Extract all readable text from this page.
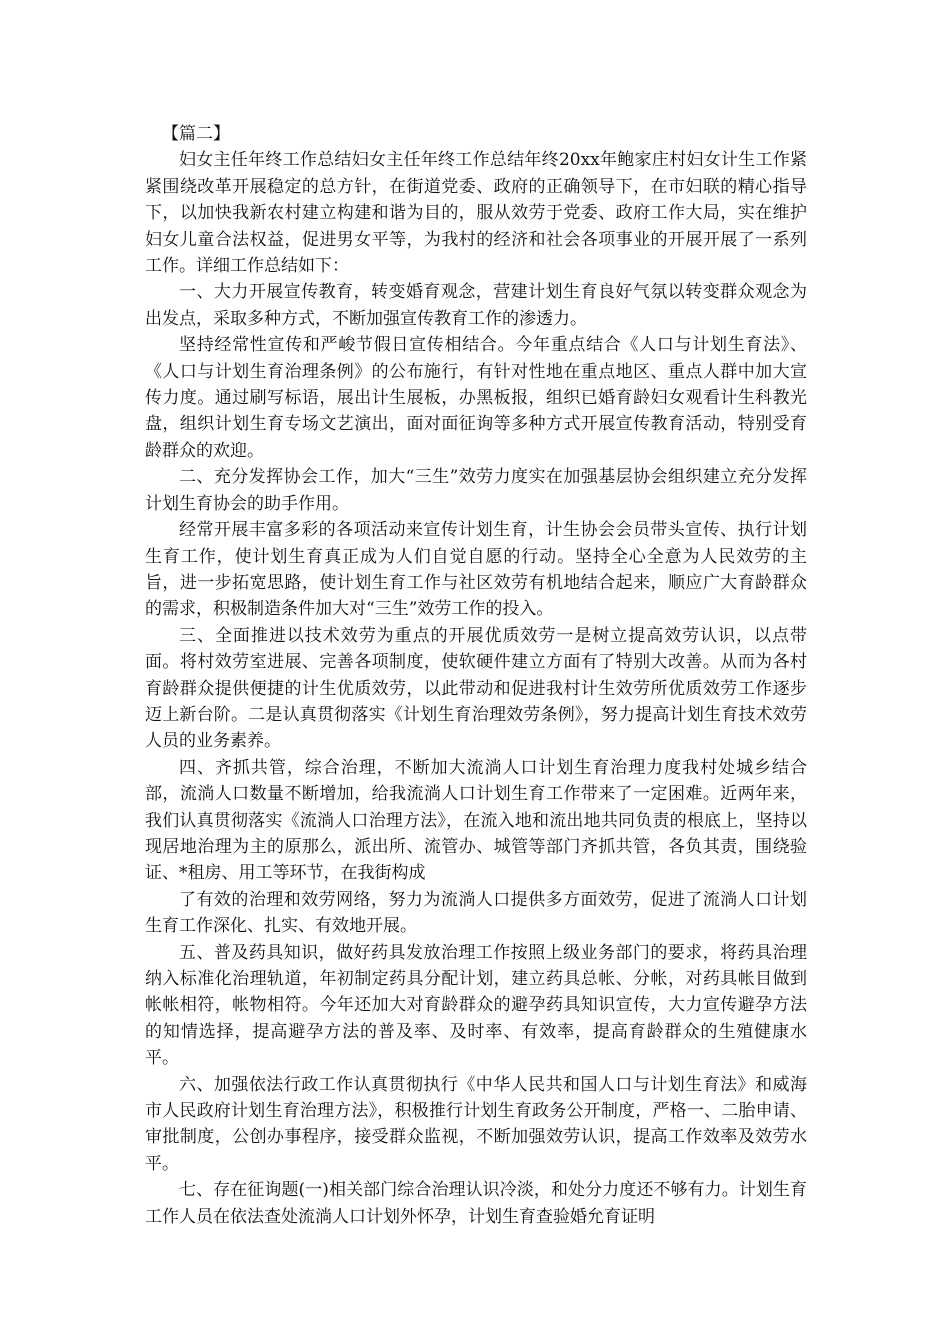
【篇二】

妇女主任年终工作总结妇女主任年终工作总结年终20xx年鲍家庄村妇女计生工作紧紧围绕改革开展稳定的总方针，在街道党委、政府的正确领导下，在市妇联的精心指导下，以加快我新农村建立构建和谐为目的，服从效劳于党委、政府工作大局，实在维护妇女儿童合法权益，促进男女平等，为我村的经济和社会各项事业的开展开展了一系列工作。详细工作总结如下：

一、大力开展宣传教育，转变婚育观念，营建计划生育良好气氛以转变群众观念为出发点，采取多种方式，不断加强宣传教育工作的渗透力。

坚持经常性宣传和严峻节假日宣传相结合。今年重点结合《人口与计划生育法》、《人口与计划生育治理条例》的公布施行，有针对性地在重点地区、重点人群中加大宣传力度。通过刷写标语，展出计生展板，办黑板报，组织已婚育龄妇女观看计生科教光盘，组织计划生育专场文艺演出，面对面征询等多种方式开展宣传教育活动，特别受育龄群众的欢迎。

二、充分发挥协会工作，加大“三生”效劳力度实在加强基层协会组织建立充分发挥计划生育协会的助手作用。

经常开展丰富多彩的各项活动来宣传计划生育，计生协会会员带头宣传、执行计划生育工作，使计划生育真正成为人们自觉自愿的行动。坚持全心全意为人民效劳的主旨，进一步拓宽思路，使计划生育工作与社区效劳有机地结合起来，顺应广大育龄群众的需求，积极制造条件加大对“三生”效劳工作的投入。

三、全面推进以技术效劳为重点的开展优质效劳一是树立提高效劳认识，以点带面。将村效劳室进展、完善各项制度，使软硬件建立方面有了特别大改善。从而为各村育龄群众提供便捷的计生优质效劳，以此带动和促进我村计生效劳所优质效劳工作逐步迈上新台阶。二是认真贯彻落实《计划生育治理效劳条例》，努力提高计划生育技术效劳人员的业务素养。

四、齐抓共管，综合治理，不断加大流淌人口计划生育治理力度我村处城乡结合部，流淌人口数量不断增加，给我流淌人口计划生育工作带来了一定困难。近两年来，我们认真贯彻落实《流淌人口治理方法》，在流入地和流出地共同负责的根底上，坚持以现居地治理为主的原那么，派出所、流管办、城管等部门齐抓共管，各负其责，围绕验证、*租房、用工等环节，在我街构成

了有效的治理和效劳网络，努力为流淌人口提供多方面效劳，促进了流淌人口计划生育工作深化、扎实、有效地开展。

五、普及药具知识，做好药具发放治理工作按照上级业务部门的要求，将药具治理纳入标准化治理轨道，年初制定药具分配计划，建立药具总帐、分帐，对药具帐目做到帐帐相符，帐物相符。今年还加大对育龄群众的避孕药具知识宣传，大力宣传避孕方法的知情选择，提高避孕方法的普及率、及时率、有效率，提高育龄群众的生殖健康水平。

六、加强依法行政工作认真贯彻执行《中华人民共和国人口与计划生育法》和威海市人民政府计划生育治理方法》，积极推行计划生育政务公开制度，严格一、二胎申请、审批制度，公创办事程序，接受群众监视，不断加强效劳认识，提高工作效率及效劳水平。

七、存在征询题(一)相关部门综合治理认识冷淡，和处分力度还不够有力。计划生育工作人员在依法查处流淌人口计划外怀孕，计划生育查验婚允育证明
